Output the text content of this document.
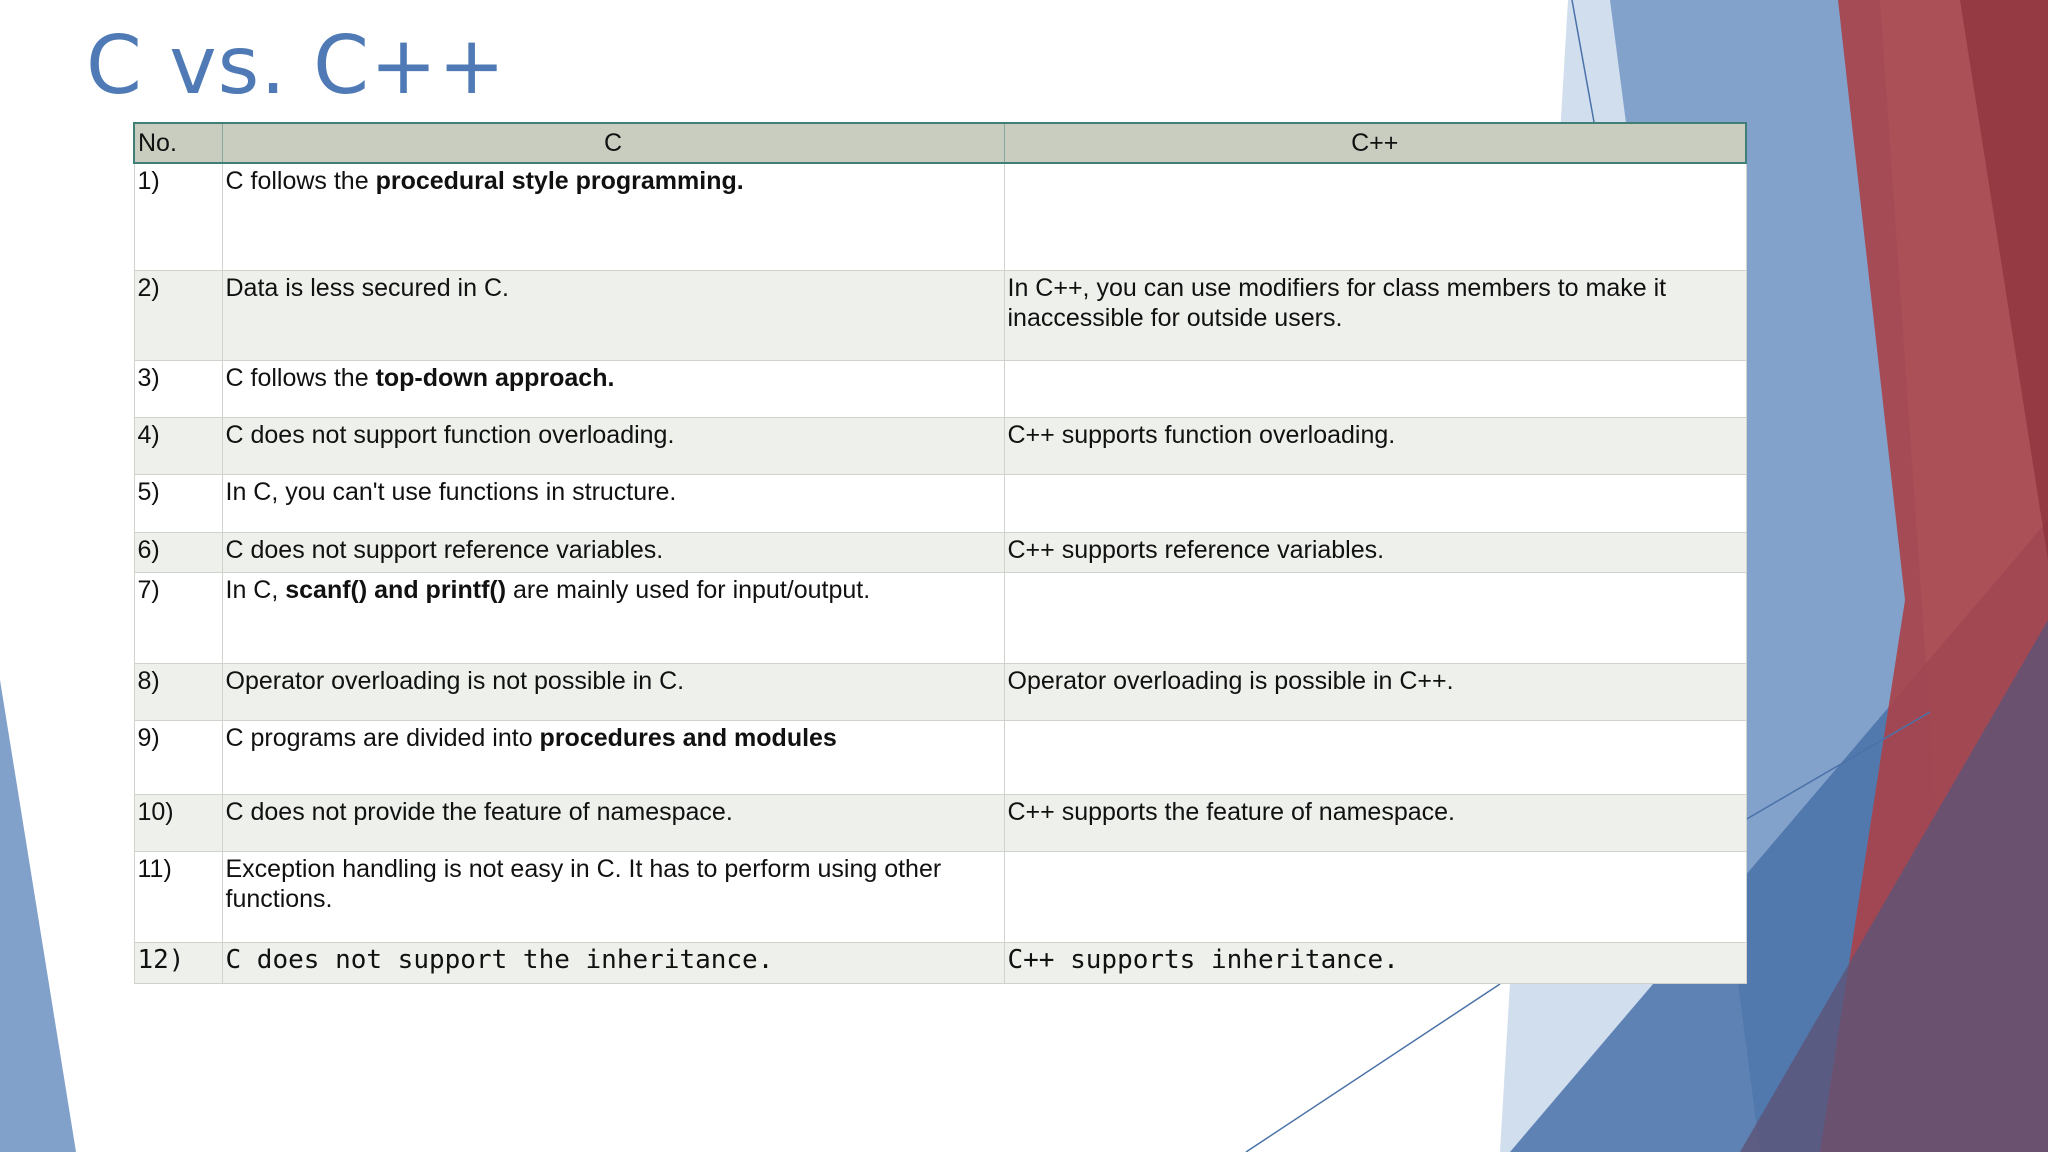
C vs. C++
No.	C	C++
1)	C follows the procedural style programming.	
2)	Data is less secured in C.	In C++, you can use modifiers for class members to make it inaccessible for outside users.
3)	C follows the top-down approach.	
4)	C does not support function overloading.	C++ supports function overloading.
5)	In C, you can't use functions in structure.	
6)	C does not support reference variables.	C++ supports reference variables.
7)	In C, scanf() and printf() are mainly used for input/output.	
8)	Operator overloading is not possible in C.	Operator overloading is possible in C++.
9)	C programs are divided into procedures and modules	
10)	C does not provide the feature of namespace.	C++ supports the feature of namespace.
11)	Exception handling is not easy in C. It has to perform using other functions.	
12)	C does not support the inheritance.	C++ supports inheritance.
